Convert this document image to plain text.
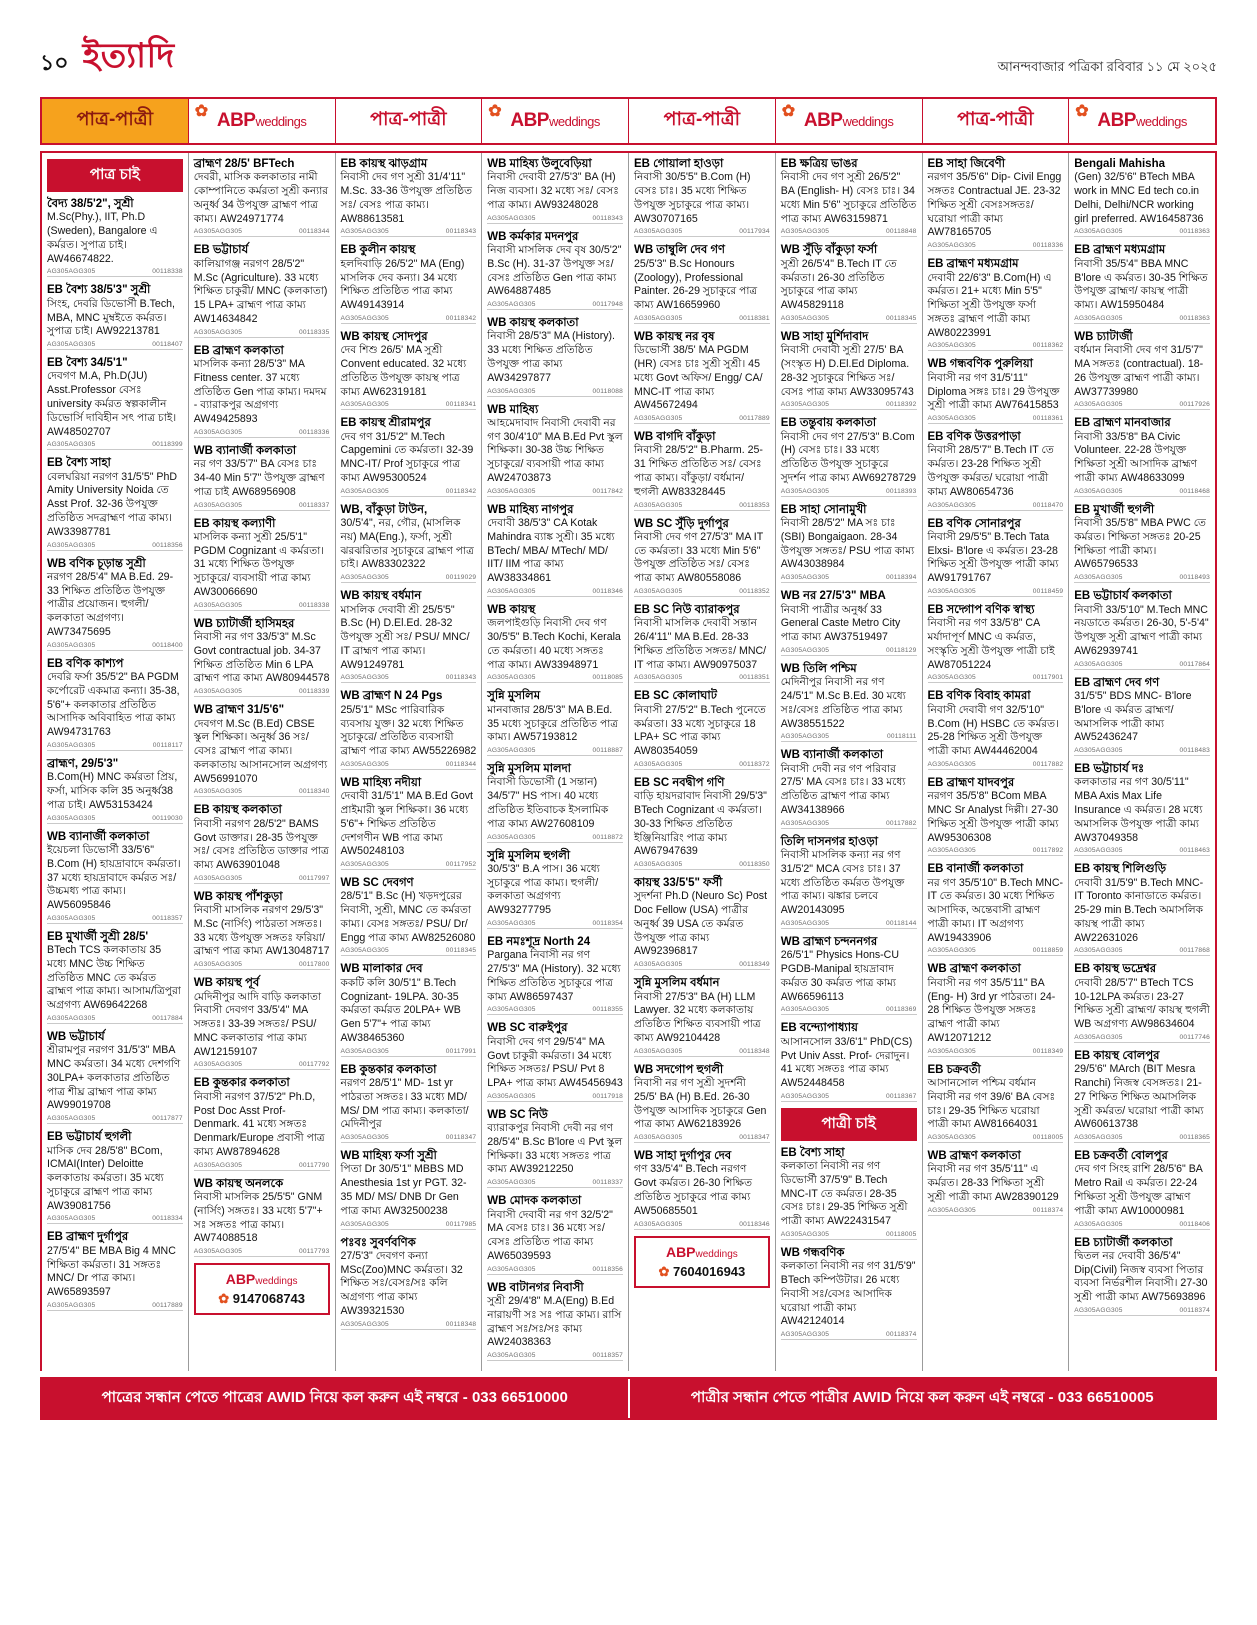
১০ ইত্যাদি	আনন্দবাজার পত্রিকা রবিবার ১১ মে ২০২৫
পাত্র-পাত্রী	✿ ABP weddings	পাত্র-পাত্রী	✿ ABP weddings	পাত্র-পাত্রী	✿ ABP weddings	পাত্র-পাত্রী	✿ ABP weddings
পাত্র চাই
বৈদ্য 38/5'2", সুশ্রী
M.Sc(Phy.), IIT, Ph.D (Sweden), Bangalore এ কর্মরত। সুপাত্র চাই। AW46674822.
AG305AGG305	00118338
EB বৈশ্য 38/5'3" সুশ্রী
সিংহ, দেবরি ডিভোর্সী B.Tech, MBA, MNC মুম্বইতে কর্মরত। সুপাত্র চাই। AW92213781
AG305AGG305	00118407
EB বৈশ্য 34/5'1"
দেবগণ M.A, Ph.D(JU) Asst.Professor বেসঃ university কর্মরত স্বল্পকালীন ডিভোর্সি দাবিহীন সৎ পাত্র চাই। AW48502707
AG305AGG305	00118399
EB বৈশ্য সাহা
বেলঘরিয়া নরগণ 31/5'5" PhD Amity University Noida তে Asst Prof. 32-36 উপযুক্ত প্রতিষ্ঠিত সদব্রাহ্মণ পাত্র কাম্য। AW33987781
AG305AGG305	00118356
WB বণিক চূড়ান্ত সুশ্রী
নরগণ 28/5'4" MA B.Ed. 29-33 শিক্ষিত প্রতিষ্ঠিত উপযুক্ত পাত্রীর প্রয়োজন। হুগলী/ কলকাতা অগ্রগণ্য। AW73475695
AG305AGG305	00118400
EB বণিক কাশ্যপ
দেবরি ফর্সা 35/5'2" BA PGDM কর্পোরেট একমাত্র কন্যা। 35-38, 5'6"+ কলকাতার প্রতিষ্ঠিত আসাদিক অবিবাহিত পাত্র কাম্য AW94731763
AG305AGG305	00118117
ব্রাহ্মণ, 29/5'3"
B.Com(H) MNC কর্মরতা প্রিয়, ফর্সা, মাসিক কলি 35 অনুর্ধ্ব38 পাত্র চাই। AW53153424
AG305AGG305	00119030
WB ব্যানার্জী কলকাতা
ইয়েচলা ডিভোর্সী 33/5'6" B.Com (H) হায়দ্রাবাদে কর্মরতা। 37 মধ্যে হায়দ্রাবাদে কর্মরত সঃ/ উচ্চমধ্য পাত্র কাম্য। AW56095846
AG305AGG305	00118357
EB মুখার্জী সুশ্রী 28/5'
BTech TCS কলকাতায় 35 মধ্যে MNC উচ্চ শিক্ষিত প্রতিষ্ঠিত MNC তে কর্মরত ব্রাহ্মণ পাত্র কাম্য। আসাম/ত্রিপুরা অগ্রগণ্য AW69642268
AG305AGG305	00117884
WB ভট্টাচার্য
শ্রীরামপুর নরগণ 31/5'3" MBA MNC কর্মরতা। 34 মধ্যে দেশগণি 30LPA+ কলকাতার প্রতিষ্ঠিত পাত্র শীঘ্র ব্রাহ্মণ পাত্র কাম্য AW99019708
AG305AGG305	00117877
EB ভট্টাচার্য হুগলী
মাসিক দেব 28/5'8" BCom, ICMAI(Inter) Deloitte কলকাতায় কর্মরতা। 35 মধ্যে সুচাকুরে ব্রাহ্মণ পাত্র কাম্য AW39081756
AG305AGG305	00118334
EB ব্রাহ্মণ দুর্গাপুর
27/5'4" BE MBA Big 4 MNC শিক্ষিতা কর্মরতা। 31 সঙ্গতঃ MNC/ Dr পাত্র কাম্য। AW65893597
AG305AGG305	00117889
ব্রাহ্মণ 28/5' BFTech
দেবরী, মাসিক কলকাতার নামী কোম্পানিতে কর্মরতা সুশ্রী কন্যার অনুর্ধ্ব 34 উপযুক্ত ব্রাহ্মণ পাত্র কাম্য। AW24971774
AG305AGG305	00118344
EB ভট্টাচার্য
কালিয়াগঞ্জ নরগণ 28/5'2" M.Sc (Agriculture). 33 মধ্যে শিক্ষিত চাকুরী/ MNC (কলকাতা) 15 LPA+ ব্রাহ্মণ পাত্র কাম্য AW14634842
AG305AGG305	00118335
EB ব্রাহ্মণ কলকাতা
মাসলিক কন্যা 28/5'3" MA Fitness center. 37 মধ্যে প্রতিষ্ঠিত Gen পাত্র কাম্য। দমদম - ব্যারাকপুর অগ্রগণ্য AW49425893
AG305AGG305	00118336
WB ব্যানার্জী কলকাতা
নর গণ 33/5'7" BA বেসঃ চাঃ 34-40 Min 5'7" উপযুক্ত ব্রাহ্মণ পাত্র চাই AW68956908
AG305AGG305	00118337
EB কায়স্থ কল্যাণী
মাসলিক কন্যা সুশ্রী 25/5'1" PGDM Cognizant এ কর্মরতা। 31 মধ্যে শিক্ষিত উপযুক্ত সুচাকুরে/ ব্যবসায়ী পাত্র কাম্য AW30066690
AG305AGG305	00118338
WB চ্যাটার্জী হাসিমহর
নিবাসী নর গণ 33/5'3" M.Sc Govt contractual job. 34-37 শিক্ষিত প্রতিষ্ঠিত Min 6 LPA ব্রাহ্মণ পাত্র কাম্য AW80944578
AG305AGG305	00118339
WB ব্রাহ্মণ 31/5'6"
দেবগণ M.Sc (B.Ed) CBSE স্কুল শিক্ষিকা। অনুর্ধ্ব 36 সঃ/বেসঃ ব্রাহ্মণ পাত্র কাম্য। কলকাতায় আসানসোল অগ্রগণ্য AW56991070
AG305AGG305	00118340
EB কায়স্থ কলকাতা
নিবাসী নরগণ 28/5'2" BAMS Govt ডাক্তার। 28-35 উপযুক্ত সঃ/ বেসঃ প্রতিষ্ঠিত ডাক্তার পাত্র কাম্য AW63901048
AG305AGG305	00117997
WB কায়স্থ পাঁশকুড়া
নিবাসী মাসলিক নরগণ 29/5'3" M.Sc (নার্সিং) পাঠরতা সঙ্গতঃ। 33 মধ্যে উপযুক্ত সঙ্গতঃ ফরিয়া/ ব্রাহ্মণ পাত্র কাম্য AW13048717
AG305AGG305	00117800
WB কায়স্থ পূর্ব
মেদিনীপুর আদি বাড়ি কলকাতা নিবাসী দেবগণ 33/5'4" MA সঙ্গতঃ। 33-39 সঙ্গতঃ/ PSU/ MNC কলকাতার পাত্র কাম্য AW12159107
AG305AGG305	00117792
EB কুন্তকার কলকাতা
নিবাসী নরগণ 37/5'2" Ph.D, Post Doc Asst Prof- Denmark. 41 মধ্যে সঙ্গতঃ Denmark/Europe প্রবাসী পাত্র কাম্য AW87894628
AG305AGG305	00117790
WB কায়স্থ অনলকে
নিবাসী মাসলিক 25/5'5" GNM (নার্সিং) সঙ্গতঃ। 33 মধ্যে 5'7"+ সঃ সঙ্গতঃ পাত্র কাম্য। AW74088518
AG305AGG305	00117793
ABPweddings
✿ 9147068743
EB কায়স্থ ঝাড়গ্রাম
নিবাসী দেব গণ সুশ্রী 31/4'11" M.Sc. 33-36 উপযুক্ত প্রতিষ্ঠিত সঃ/ বেসঃ পাত্র কাম্য। AW88613581
AG305AGG305	00118343
EB কুলীন কায়স্থ
হলদিবাড়ি 26/5'2" MA (Eng) মাসলিক দেব কন্যা। 34 মধ্যে শিক্ষিত প্রতিষ্ঠিত পাত্র কাম্য AW49143914
AG305AGG305	00118342
WB কায়স্থ সোদপুর
দেব শিশু 26/5' MA সুশ্রী Convent educated. 32 মধ্যে প্রতিষ্ঠিত উপযুক্ত কায়স্থ পাত্র কাম্য AW62319181
AG305AGG305	00118341
EB কায়স্থ শ্রীরামপুর
দেব গণ 31/5'2" M.Tech Capgemini তে কর্মরতা। 32-39 MNC-IT/ Prof সুচাকুরে পাত্র কাম্য AW95300524
AG305AGG305	00118342
WB, বাঁকুড়া টাউন,
30/5'4", নর, গৌর, (মাসলিক নয়) MA(Eng.), ফর্সা, সুশ্রী ঝরঝরিতার সুচাকুরে ব্রাহ্মণ পাত্র চাই। AW83302322
AG305AGG305	00119029
WB কায়স্থ বর্ধমান
মাসলিক দেবাবী শ্রী 25/5'5" B.Sc (H) D.El.Ed. 28-32 উপযুক্ত সুশ্রী সঃ/ PSU/ MNC/ IT ব্রাহ্মণ পাত্র কাম্য। AW91249781
AG305AGG305	00118343
WB ব্রাহ্মণ N 24 Pgs
25/5'1" MSc পারিবারিক ব্যবসায় যুক্ত। 32 মধ্যে শিক্ষিত সুচাকুরে/ প্রতিষ্ঠিত ব্যবসায়ী ব্রাহ্মণ পাত্র কাম্য AW55226982
AG305AGG305	00118344
WB মাহিষ্য নদীয়া
দেবাবী 31/5'1" MA B.Ed Govt প্রাইমারী স্কুল শিক্ষিকা। 36 মধ্যে 5'6"+ শিক্ষিত প্রতিষ্ঠিত দেশগণীন WB পাত্র কাম্য AW50248103
AG305AGG305	00117952
WB SC দেবগণ
28/5'1" B.Sc (H) খড়দপুরের নিবাসী, সুশ্রী, MNC তে কর্মরতা কাম্য। বেসঃ সঙ্গতঃ/ PSU/ Dr/ Engg পাত্র কাম্য AW82526080
AG305AGG305	00118345
WB মালাকার দেব
ককটি কলি 30/5'1" B.Tech Cognizant- 19LPA. 30-35 কর্মরতা কর্মরত 20LPA+ WB Gen 5'7"+ পাত্র কাম্য AW38465360
AG305AGG305	00117991
EB কুন্তকার কলকাতা
নরগণ 28/5'1" MD- 1st yr পাঠরতা সঙ্গতঃ। 33 মধ্যে MD/ MS/ DM পাত্র কাম্য। কলকাতা/ মেদিনীপুর
AG305AGG305	00118347
WB মাহিষ্য ফর্সা সুশ্রী
পিতা Dr 30/5'1" MBBS MD Anesthesia 1st yr PGT. 32-35 MD/ MS/ DNB Dr Gen পাত্র কাম্য AW32500238
AG305AGG305	00117985
পঃবঃ সুবর্ণবণিক
27/5'3" দেবগণ কন্যা MSc(Zoo)MNC কর্মরতা। 32 শিক্ষিত সঃ/বেসঃ/সঃ কলি অগ্রগণ্য পাত্র কাম্য AW39321530
AG305AGG305	00118348
WB মাহিষ্য উলুবেড়িয়া
নিবাসী দেবাবী 27/5'3" BA (H) নিজ ব্যবসা। 32 মধ্যে সঃ/ বেসঃ পাত্র কাম্য। AW93248028
AG305AGG305	00118343
WB কর্মকার মদনপুর
নিবাসী মাসলিক দেব বৃষ 30/5'2" B.Sc (H). 31-37 উপযুক্ত সঃ/ বেসঃ প্রতিষ্ঠিত Gen পাত্র কাম্য AW64887485
AG305AGG305	00117948
WB কায়স্থ কলকাতা
নিবাসী 28/5'3" MA (History). 33 মধ্যে শিক্ষিত প্রতিষ্ঠিত উপযুক্ত পাত্র কাম্য AW34297877
AG305AGG305	00118088
WB মাহিষ্য
আহমেদাবাদ নিবাসী দেবাবী নর গণ 30/4'10" MA B.Ed Pvt স্কুল শিক্ষিকা। 30-38 উচ্চ শিক্ষিত সুচাকুরে/ ব্যবসায়ী পাত্র কাম্য AW24703873
AG305AGG305	00117842
WB মাহিষ্য নাগপুর
দেবাবী 38/5'3" CA Kotak Mahindra ব্যাঙ্ক সুশ্রী। 35 মধ্যে BTech/ MBA/ MTech/ MD/ IIT/ IIM পাত্র কাম্য AW38334861
AG305AGG305	00118346
WB কায়স্থ
জলপাইগুড়ি নিবাসী দেব গণ 30/5'5" B.Tech Kochi, Kerala তে কর্মরতা। 40 মধ্যে সঙ্গতঃ পাত্র কাম্য। AW33948971
AG305AGG305	00118085
সুন্নি মুসলিম
মানবাজার 28/5'3" MA B.Ed. 35 মধ্যে সুচাকুরে প্রতিষ্ঠিত পাত্র কাম্য। AW57193812
AG305AGG305	00118887
সুন্নি মুসলিম মালদা
নিবাসী ডিভোর্সী (1 সন্তান) 34/5'7" HS পাস। 40 মধ্যে প্রতিষ্ঠিত ইতিবাচক ইসলামিক পাত্র কাম্য AW27608109
AG305AGG305	00118872
সুন্নি মুসলিম হুগলী
30/5'3" B.A পাস। 36 মধ্যে সুচাকুরে পাত্র কাম্য। হুগলী/ কলকাতা অগ্রগণ্য AW93277795
AG305AGG305	00118354
EB নমঃশূদ্র North 24
Pargana নিবাসী নর গণ 27/5'3" MA (History). 32 মধ্যে শিক্ষিত প্রতিষ্ঠিত সুচাকুরে পাত্র কাম্য AW86597437
AG305AGG305	00118355
WB SC বারুইপুর
নিবাসী দেব গণ 29/5'4" MA Govt চাকুরী কর্মরতা। 34 মধ্যে শিক্ষিত সঙ্গতঃ/ PSU/ Pvt 8 LPA+ পাত্র কাম্য AW45456943
AG305AGG305	00117918
WB SC নিউ
ব্যারাকপুর নিবাসী দেবী নর গণ 28/5'4" B.Sc B'lore এ Pvt স্কুল শিক্ষিকা। 33 মধ্যে সঙ্গতঃ পাত্র কাম্য AW39212250
AG305AGG305	00118337
WB মোদক কলকাতা
নিবাসী দেবাবী নর গণ 32/5'2" MA বেসঃ চাঃ। 36 মধ্যে সঃ/ বেসঃ প্রতিষ্ঠিত পাত্র কাম্য AW65039593
AG305AGG305	00118356
WB বাটানগর নিবাসী
সুশ্রী 29/4'8" M.A(Eng) B.Ed নারায়ণী সঃ সঃ পাত্র কাম্য। রাসি ব্রাহ্মণ সঃ/সঃ/সঃ কাম্য AW24038363
AG305AGG305	00118357
EB গোয়ালা হাওড়া
নিবাসী 30/5'5" B.Com (H) বেসঃ চাঃ। 35 মধ্যে শিক্ষিত উপযুক্ত সুচাকুরে পাত্র কাম্য। AW30707165
AG305AGG305	00117934
WB তাম্বুলি দেব গণ
25/5'3" B.Sc Honours (Zoology), Professional Painter. 26-29 সুচাকুরে পাত্র কাম্য AW16659960
AG305AGG305	00118381
WB কায়স্থ নর বৃষ
ডিভোর্সী 38/5' MA PGDM (HR) বেসঃ চাঃ সুশ্রী সুশ্রী। 45 মধ্যে Govt অফিস/ Engg/ CA/ MNC-IT পাত্র কাম্য AW45672494
AG305AGG305	00117889
WB বাগদি বাঁকুড়া
নিবাসী 28/5'2" B.Pharm. 25-31 শিক্ষিত প্রতিষ্ঠিত সঃ/ বেসঃ পাত্র কাম্য। বাঁকুড়া/ বর্ধমান/ হুগলী AW83328445
AG305AGG305	00118353
WB SC সুঁড়ি দুর্গাপুর
নিবাসী দেব গণ 27/5'3" MA IT তে কর্মরতা। 33 মধ্যে Min 5'6" উপযুক্ত প্রতিষ্ঠিত সঃ/ বেসঃ পাত্র কাম্য AW80558086
AG305AGG305	00118352
EB SC নিউ ব্যারাকপুর
নিবাসী মাসলিক দেবাবী সন্তান 26/4'11" MA B.Ed. 28-33 শিক্ষিত প্রতিষ্ঠিত সঙ্গতঃ/ MNC/ IT পাত্র কাম্য। AW90975037
AG305AGG305	00118351
EB SC কোলাঘাট
নিবাসী 27/5'2" B.Tech পুনেতে কর্মরতা। 33 মধ্যে সুচাকুরে 18 LPA+ SC পাত্র কাম্য AW80354059
AG305AGG305	00118372
EB SC নবদ্বীপ গণি
বাড়ি হায়দরাবাদ নিবাসী 29/5'3" BTech Cognizant এ কর্মরতা। 30-33 শিক্ষিত প্রতিষ্ঠিত ইঞ্জিনিয়ারিং পাত্র কাম্য AW67947639
AG305AGG305	00118350
কায়স্থ 33/5'5" ফর্সী
সুদর্শনা Ph.D (Neuro Sc) Post Doc Fellow (USA) পাত্রীর অনুর্ধ্ব 39 USA তে কর্মরত উপযুক্ত পাত্র কাম্য AW92396817
AG305AGG305	00118349
সুন্নি মুসলিম বর্ধমান
নিবাসী 27/5'3" BA (H) LLM Lawyer. 32 মধ্যে কলকাতায় প্রতিষ্ঠিত শিক্ষিত ব্যবসায়ী পাত্র কাম্য AW92104428
AG305AGG305	00118348
WB সদগোপ হুগলী
নিবাসী নর গণ সুশ্রী সুদর্শনী 25/5' BA (H) B.Ed. 26-30 উপযুক্ত আসাদিক সুচাকুরে Gen পাত্র কাম্য AW62183926
AG305AGG305	00118347
WB সাহা দুর্গাপুর দেব
গণ 33/5'4" B.Tech নরগণ Govt কর্মরত। 26-30 শিক্ষিত প্রতিষ্ঠিত সুচাকুরে পাত্র কাম্য AW50685501
AG305AGG305	00118346
ABPweddings
✿ 7604016943
EB ক্ষত্রিয় ভাঙর
নিবাসী দেব গণ সুশ্রী 26/5'2" BA (English- H) বেসঃ চাঃ। 34 মধ্যে Min 5'6" সুচাকুরে প্রতিষ্ঠিত পাত্র কাম্য AW63159871
AG305AGG305	00118848
WB সুঁড়ি বাঁকুড়া ফর্সা
সুশ্রী 26/5'4" B.Tech IT তে কর্মরতা। 26-30 প্রতিষ্ঠিত সুচাকুরে পাত্র কাম্য AW45829118
AG305AGG305	00118345
WB সাহা মুর্শিদাবাদ
নিবাসী দেবাবী সুশ্রী 27/5' BA (সংস্কৃত H) D.El.Ed Diploma. 28-32 সুচাকুরে শিক্ষিত সঃ/বেসঃ পাত্র কাম্য AW33095743
AG305AGG305	00118392
EB তন্তুবায় কলকাতা
নিবাসী দেব গণ 27/5'3" B.Com (H) বেসঃ চাঃ। 33 মধ্যে প্রতিষ্ঠিত উপযুক্ত সুচাকুরে সুদর্শন পাত্র কাম্য AW69278729
AG305AGG305	00118393
EB সাহা সোনামুখী
নিবাসী 28/5'2" MA সঃ চাঃ (SBI) Bongaigaon. 28-34 উপযুক্ত সঙ্গতঃ/ PSU পাত্র কাম্য AW43038984
AG305AGG305	00118394
WB নর 27/5'3" MBA
নিবাসী পাত্রীর অনুর্ধ্ব 33 General Caste Metro City পাত্র কাম্য AW37519497
AG305AGG305	00118129
WB তিলি পশ্চিম
মেদিনীপুর নিবাসী নর গণ 24/5'1" M.Sc B.Ed. 30 মধ্যে সঃ/বেসঃ প্রতিষ্ঠিত পাত্র কাম্য AW38551522
AG305AGG305	00118111
WB ব্যানার্জী কলকাতা
নিবাসী দেবী নর গণ পরিবার 27/5' MA বেসঃ চাঃ। 33 মধ্যে প্রতিষ্ঠিত ব্রাহ্মণ পাত্র কাম্য AW34138966
AG305AGG305	00117882
তিলি দাসনগর হাওড়া
নিবাসী মাসলিক কন্যা নর গণ 31/5'2" MCA বেসঃ চাঃ। 37 মধ্যে প্রতিষ্ঠিত কর্মরত উপযুক্ত পাত্র কাম্য। ঝঙ্কার চলবে AW20143095
AG305AGG305	00118144
WB ব্রাহ্মণ চন্দননগর
26/5'1" Physics Hons-CU PGDB-Manipal হায়দ্রাবাদ কর্মরত 30 কর্মরত পাত্র কাম্য AW66596113
AG305AGG305	00118369
EB বন্দ্যোপাধ্যায়
আসানসোল 33/6'1" PhD(CS) Pvt Univ Asst. Prof- দেরাদুন। 41 মধ্যে সঙ্গতঃ পাত্র কাম্য AW52448458
AG305AGG305	00118367
পাত্রী চাই
EB বৈশ্য সাহা
কলকাতা নিবাসী নর গণ ডিভোর্সী 37/5'9" B.Tech MNC-IT তে কর্মরত। 28-35 বেসঃ চাঃ। 29-35 শিক্ষিত সুশ্রী পাত্রী কাম্য AW22431547
AG305AGG305	00118005
WB গন্ধবণিক
কলকাতা নিবাসী নর গণ 31/5'9" BTech কম্পিউটার। 26 মধ্যে নিবাসী সঃ/বেসঃ আসাদিক ঘরোয়া পাত্রী কাম্য AW42124014
AG305AGG305	00118374
EB সাহা জিবেণী
নরগণ 35/5'6" Dip- Civil Engg সঙ্গতঃ Contractual JE. 23-32 শিক্ষিত সুশ্রী বেসঃসঙ্গতঃ/ ঘরোয়া পাত্রী কাম্য AW78165705
AG305AGG305	00118336
EB ব্রাহ্মণ মধ্যমগ্রাম
দেবাবী 22/6'3" B.Com(H) এ কর্মরত। 21+ মধ্যে Min 5'5" শিক্ষিতা সুশ্রী উপযুক্ত ফর্সা সঙ্গতঃ ব্রাহ্মণ পাত্রী কাম্য AW80223991
AG305AGG305	00118362
WB গন্ধবণিক পুরুলিয়া
নিবাসী নর গণ 31/5'11" Diploma সঙ্গঃ চাঃ। 29 উপযুক্ত সুশ্রী পাত্রী কাম্য AW76415853
AG305AGG305	00118361
EB বণিক উত্তরপাড়া
নিবাসী 28/5'7" B.Tech IT তে কর্মরত। 23-28 শিক্ষিত সুশ্রী উপযুক্ত কর্মরত/ ঘরোয়া পাত্রী কাম্য AW80654736
AG305AGG305	00118470
EB বণিক সোনারপুর
নিবাসী 29/5'5" B.Tech Tata Elxsi- B'lore এ কর্মরত। 23-28 শিক্ষিত সুশ্রী উপযুক্ত পাত্রী কাম্য AW91791767
AG305AGG305	00118459
EB সদ্গোপ বণিক স্বাস্থ্য
নিবাসী নর গণ 33/5'8" CA মর্যাদাপূর্ণ MNC এ কর্মরত, সংস্কৃতি সুশ্রী উপযুক্ত পাত্রী চাই AW87051224
AG305AGG305	00117901
EB বণিক বিবাহ কামরা
নিবাসী দেবাবী গণ 32/5'10" B.Com (H) HSBC তে কর্মরত। 25-28 শিক্ষিত সুশ্রী উপযুক্ত পাত্রী কাম্য AW44462004
AG305AGG305	00117882
EB ব্রাহ্মণ যাদবপুর
নরগণ 35/5'8" BCom MBA MNC Sr Analyst দিল্লী। 27-30 শিক্ষিত সুশ্রী উপযুক্ত পাত্রী কাম্য AW95306308
AG305AGG305	00117892
EB বানার্জী কলকাতা
নর গণ 35/5'10" B.Tech MNC-IT তে কর্মরত। 30 মধ্যে শিক্ষিত আসাদিক, অন্তেবাসী ব্রাহ্মণ পাত্রী কাম্য। IT অগ্রগণ্য AW19433906
AG305AGG305	00118859
WB ব্রাহ্মণ কলকাতা
নিবাসী নর গণ 35/5'11" BA (Eng- H) 3rd yr পাঠরতা। 24-28 শিক্ষিত উপযুক্ত সঙ্গতঃ ব্রাহ্মণ পাত্রী কাম্য AW12071212
AG305AGG305	00118349
EB চক্রবর্তী
আসানসোল পশ্চিম বর্ধমান নিবাসী নর গণ 39/6' BA বেসঃ চাঃ। 29-35 শিক্ষিত ঘরোয়া পাত্রী কাম্য AW81664031
AG305AGG305	00118005
WB ব্রাহ্মণ কলকাতা
নিবাসী নর গণ 35/5'11" এ কর্মরত। 28-33 শিক্ষিতা সুশ্রী সুশ্রী পাত্রী কাম্য AW28390129
AG305AGG305	00118374
Bengali Mahisha
(Gen) 32/5'6" BTech MBA work in MNC Ed tech co.in Delhi, Delhi/NCR working girl preferred. AW16458736
AG305AGG305	00118363
EB ব্রাহ্মণ মধ্যমগ্রাম
নিবাসী 35/5'4" BBA MNC B'lore এ কর্মরত। 30-35 শিক্ষিত উপযুক্ত ব্রাহ্মণ/ কায়স্থ পাত্রী কাম্য। AW15950484
AG305AGG305	00118363
WB চ্যাটার্জী
বর্ধমান নিবাসী দেব গণ 31/5'7" MA সঙ্গতঃ (contractual). 18-26 উপযুক্ত ব্রাহ্মণ পাত্রী কাম্য। AW37739980
AG305AGG305	00117926
EB ব্রাহ্মণ মানবাজার
নিবাসী 33/5'8" BA Civic Volunteer. 22-28 উপযুক্ত শিক্ষিতা সুশ্রী আসাদিক ব্রাহ্মণ পাত্রী কাম্য AW48633099
AG305AGG305	00118468
EB মুখার্জী হুগলী
নিবাসী 35/5'8" MBA PWC তে কর্মরত। শিক্ষিতা সঙ্গতঃ 20-25 শিক্ষিতা পাত্রী কাম্য। AW65796533
AG305AGG305	00118493
EB ভট্টাচার্য কলকাতা
নিবাসী 33/5'10" M.Tech MNC নয়ডাতে কর্মরত। 26-30, 5'-5'4" উপযুক্ত সুশ্রী ব্রাহ্মণ পাত্রী কাম্য AW62939741
AG305AGG305	00117864
EB ব্রাহ্মণ দেব গণ
31/5'5" BDS MNC- B'lore B'lore এ কর্মরত ব্রাহ্মণ/ অমাসলিক পাত্রী কাম্য AW52436247
AG305AGG305	00118483
EB ভট্টাচার্য দঃ
কলকাতার নর গণ 30/5'11" MBA Axis Max Life Insurance এ কর্মরত। 28 মধ্যে অমাসলিক উপযুক্ত পাত্রী কাম্য AW37049358
AG305AGG305	00118463
EB কায়স্থ শিলিগুড়ি
দেবাবী 31/5'9" B.Tech MNC-IT Toronto কানাডাতে কর্মরত। 25-29 min B.Tech অমাসলিক কায়স্থ পাত্রী কাম্য AW22631026
AG305AGG305	00117868
EB কায়স্থ ভদ্রেশ্বর
দেবাবী 28/5'7" BTech TCS 10-12LPA কর্মরত। 23-27 শিক্ষিত সুশ্রী ব্রাহ্মণ/ কায়স্থ হুগলী WB অগ্রগণ্য AW98634604
AG305AGG305	00117746
EB কায়স্থ বোলপুর
29/5'6" MArch (BIT Mesra Ranchi) নিজস্ব বেসঙ্গতঃ। 21-27 শিক্ষিত শিক্ষিত অমাসলিক সুশ্রী কর্মরত/ ঘরোয়া পাত্রী কাম্য AW60613738
AG305AGG305	00118365
EB চক্রবর্তী বোলপুর
দেব গণ সিংহ রাশি 28/5'6" BA Metro Rail এ কর্মরত। 22-24 শিক্ষিতা সুশ্রী উপযুক্ত ব্রাহ্মণ পাত্রী কাম্য AW10000981
AG305AGG305	00118406
EB চ্যাটার্জী কলকাতা
দ্বিতল নর দেবাবী 36/5'4" Dip(Civil) নিজস্ব ব্যবসা পিতার ব্যবসা নির্ভরশীল নিবাসী। 27-30 সুশ্রী পাত্রী কাম্য AW75693896
AG305AGG305	00118374
পাত্রের সন্ধান পেতে পাত্রের AWID নিয়ে কল করুন এই নম্বরে - 033 66510000	পাত্রীর সন্ধান পেতে পাত্রীর AWID নিয়ে কল করুন এই নম্বরে - 033 66510005
